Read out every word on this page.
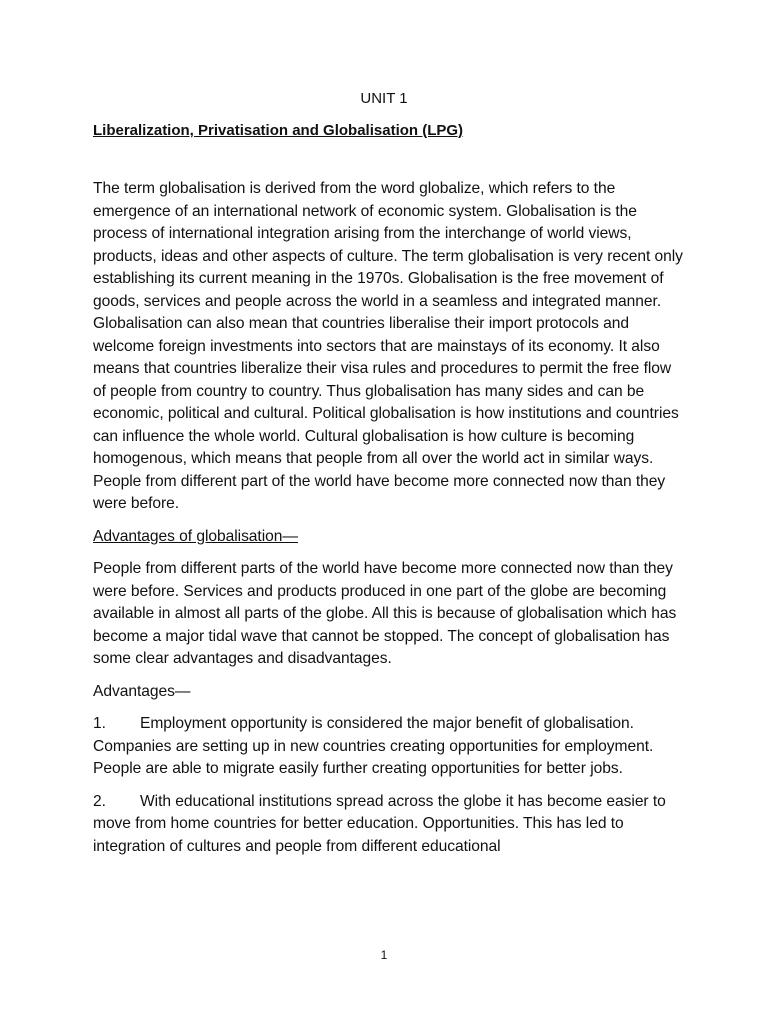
UNIT 1
Liberalization, Privatisation and Globalisation (LPG)

The term globalisation is derived from the word globalize, which refers to the emergence of an international network of economic system. Globalisation is the process of international integration arising from the interchange of world views, products, ideas and other aspects of culture. The term globalisation is very recent only establishing its current meaning in the 1970s. Globalisation is the free movement of goods, services and people across the world in a seamless and integrated manner. Globalisation can also mean that countries liberalise their import protocols and welcome foreign investments into sectors that are mainstays of its economy. It also means that countries liberalize their visa rules and procedures to permit the free flow of people from country to country. Thus globalisation has many sides and can be economic, political and cultural. Political globalisation is how institutions and countries can influence the whole world. Cultural globalisation is how culture is becoming homogenous, which means that people from all over the world act in similar ways. People from different part of the world have become more connected now than they were before.

Advantages of globalisation—

People from different parts of the world have become more connected now than they were before. Services and products produced in one part of the globe are becoming available in almost all parts of the globe. All this is because of globalisation which has become a major tidal wave that cannot be stopped. The concept of globalisation has some clear advantages and disadvantages.

Advantages—

1. Employment opportunity is considered the major benefit of globalisation. Companies are setting up in new countries creating opportunities for employment. People are able to migrate easily further creating opportunities for better jobs.

2. With educational institutions spread across the globe it has become easier to move from home countries for better education. Opportunities. This has led to integration of cultures and people from different educational

1
